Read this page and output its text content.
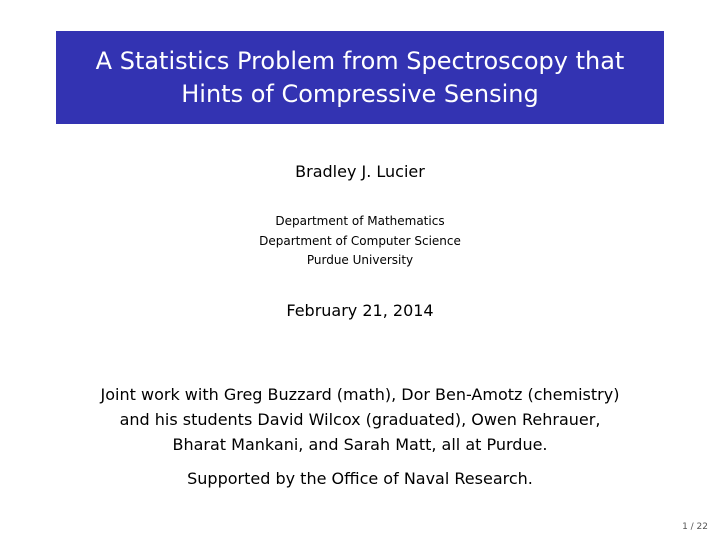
A Statistics Problem from Spectroscopy that
Hints of Compressive Sensing
Bradley J. Lucier
Department of Mathematics
Department of Computer Science
Purdue University
February 21, 2014
Joint work with Greg Buzzard (math), Dor Ben-Amotz (chemistry)
and his students David Wilcox (graduated), Owen Rehrauer,
Bharat Mankani, and Sarah Matt, all at Purdue.
Supported by the Office of Naval Research.
1 / 22
